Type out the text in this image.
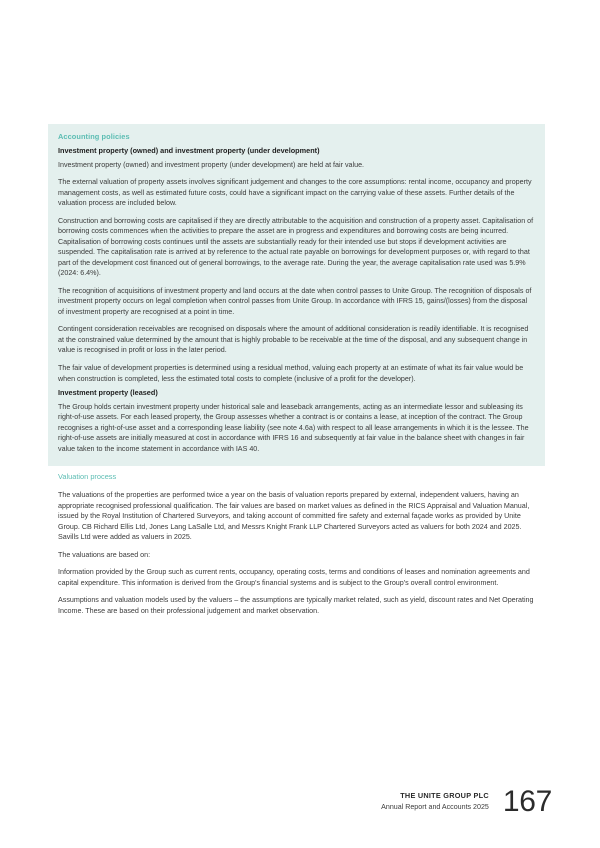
Accounting policies
Investment property (owned) and investment property (under development)

Investment property (owned) and investment property (under development) are held at fair value.

The external valuation of property assets involves significant judgement and changes to the core assumptions: rental income, occupancy and property management costs, as well as estimated future costs, could have a significant impact on the carrying value of these assets. Further details of the valuation process are included below.

Construction and borrowing costs are capitalised if they are directly attributable to the acquisition and construction of a property asset. Capitalisation of borrowing costs commences when the activities to prepare the asset are in progress and expenditures and borrowing costs are being incurred. Capitalisation of borrowing costs continues until the assets are substantially ready for their intended use but stops if development activities are suspended. The capitalisation rate is arrived at by reference to the actual rate payable on borrowings for development purposes or, with regard to that part of the development cost financed out of general borrowings, to the average rate. During the year, the average capitalisation rate used was 5.9% (2024: 6.4%).

The recognition of acquisitions of investment property and land occurs at the date when control passes to Unite Group. The recognition of disposals of investment property occurs on legal completion when control passes from Unite Group. In accordance with IFRS 15, gains/(losses) from the disposal of investment property are recognised at a point in time.

Contingent consideration receivables are recognised on disposals where the amount of additional consideration is readily identifiable. It is recognised at the constrained value determined by the amount that is highly probable to be receivable at the time of the disposal, and any subsequent change in value is recognised in profit or loss in the later period.

The fair value of development properties is determined using a residual method, valuing each property at an estimate of what its fair value would be when construction is completed, less the estimated total costs to complete (inclusive of a profit for the developer).

Investment property (leased)

The Group holds certain investment property under historical sale and leaseback arrangements, acting as an intermediate lessor and subleasing its right-of-use assets. For each leased property, the Group assesses whether a contract is or contains a lease, at inception of the contract. The Group recognises a right-of-use asset and a corresponding lease liability (see note 4.6a) with respect to all lease arrangements in which it is the lessee. The right-of-use assets are initially measured at cost in accordance with IFRS 16 and subsequently at fair value in the balance sheet with changes in fair value taken to the income statement in accordance with IAS 40.

Valuation process

The valuations of the properties are performed twice a year on the basis of valuation reports prepared by external, independent valuers, having an appropriate recognised professional qualification. The fair values are based on market values as defined in the RICS Appraisal and Valuation Manual, issued by the Royal Institution of Chartered Surveyors, and taking account of committed fire safety and external façade works as provided by Unite Group. CB Richard Ellis Ltd, Jones Lang LaSalle Ltd, and Messrs Knight Frank LLP Chartered Surveyors acted as valuers for both 2024 and 2025. Savills Ltd were added as valuers in 2025.

The valuations are based on:

Information provided by the Group such as current rents, occupancy, operating costs, terms and conditions of leases and nomination agreements and capital expenditure. This information is derived from the Group's financial systems and is subject to the Group's overall control environment.

Assumptions and valuation models used by the valuers – the assumptions are typically market related, such as yield, discount rates and Net Operating Income. These are based on their professional judgement and market observation.

THE UNITE GROUP PLC
Annual Report and Accounts 2025 167
